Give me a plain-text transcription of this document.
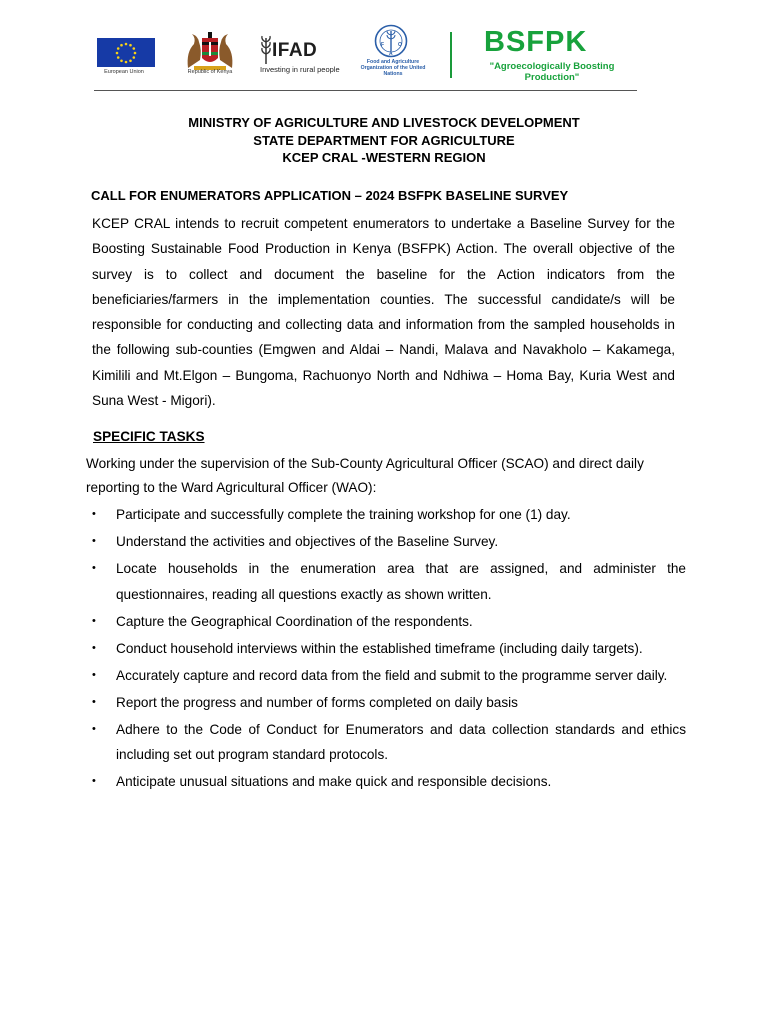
European Union	Republic of Kenya
IFAD
Investing in rural people
F
A
O
Food and Agriculture Organization of the United Nations
BSFPK
"Agroecologically Boosting Production"
MINISTRY OF AGRICULTURE AND LIVESTOCK DEVELOPMENT
STATE DEPARTMENT FOR AGRICULTURE
KCEP CRAL -WESTERN REGION
CALL FOR ENUMERATORS APPLICATION – 2024 BSFPK BASELINE SURVEY
KCEP CRAL intends to recruit competent enumerators to undertake a Baseline Survey for the Boosting Sustainable Food Production in Kenya (BSFPK) Action. The overall objective of the survey is to collect and document the baseline for the Action indicators from the beneficiaries/farmers in the implementation counties. The successful candidate/s will be responsible for conducting and collecting data and information from the sampled households in the following sub-counties (Emgwen and Aldai – Nandi, Malava and Navakholo – Kakamega, Kimilili and Mt.Elgon – Bungoma, Rachuonyo North and Ndhiwa – Homa Bay, Kuria West and Suna West - Migori).
SPECIFIC TASKS
Working under the supervision of the Sub-County Agricultural Officer (SCAO) and direct daily reporting to the Ward Agricultural Officer (WAO):
• Participate and successfully complete the training workshop for one (1) day.
• Understand the activities and objectives of the Baseline Survey.
• Locate households in the enumeration area that are assigned, and administer the questionnaires, reading all questions exactly as shown written.
• Capture the Geographical Coordination of the respondents.
• Conduct household interviews within the established timeframe (including daily targets).
• Accurately capture and record data from the field and submit to the programme server daily.
• Report the progress and number of forms completed on daily basis
• Adhere to the Code of Conduct for Enumerators and data collection standards and ethics including set out program standard protocols.
• Anticipate unusual situations and make quick and responsible decisions.
